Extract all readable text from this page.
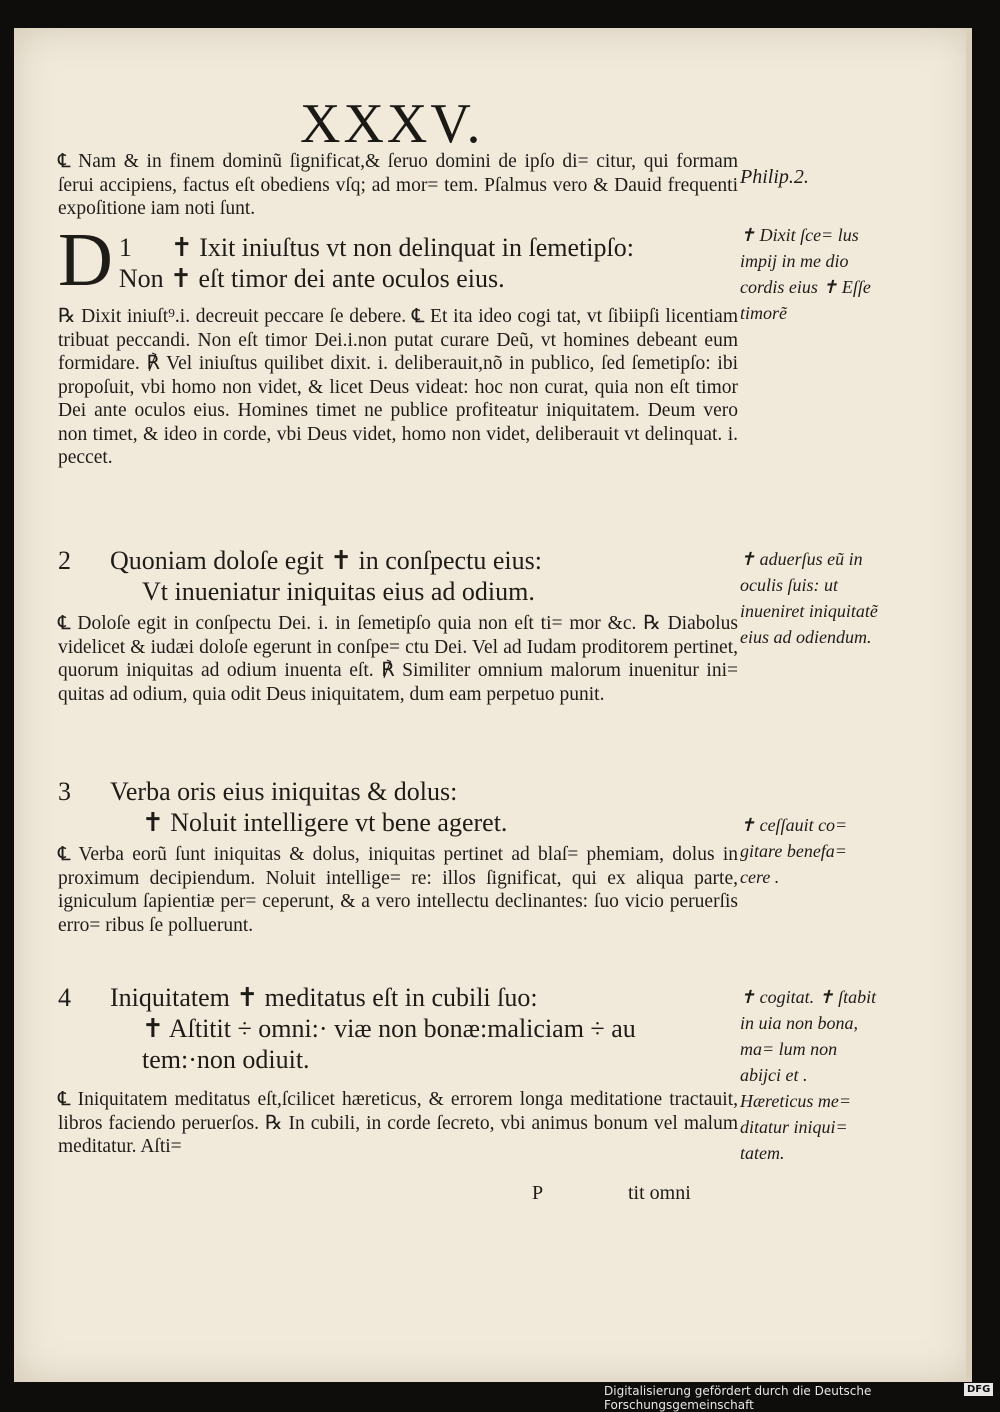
XXXV.
℄ Nam & in finem dominũ ſignificat,& ſeruo domini de ipſo di= citur, qui formam ſerui accipiens, factus eſt obediens vſq; ad mor= tem. Pſalmus vero & Dauid frequenti expoſitione iam noti ſunt.
1 ✝
D	Ixit iniuſtus vt non delinquat in ſemetipſo:
Non ✝ eſt timor dei ante oculos eius.
℞ Dixit iniuſt⁹.i. decreuit peccare ſe debere. ℄ Et ita ideo cogi tat, vt ſibiipſi licentiam tribuat peccandi. Non eſt timor Dei.i.non putat curare Deũ, vt homines debeant eum formidare. ℟ Vel iniuſtus quilibet dixit. i. deliberauit,nõ in publico, ſed ſemetipſo: ibi propoſuit, vbi homo non videt, & licet Deus videat: hoc non curat, quia non eſt timor Dei ante oculos eius. Homines timet ne publice profiteatur iniquitatem. Deum vero non timet, & ideo in corde, vbi Deus videt, homo non videt, deliberauit vt delinquat. i. peccet.
2 Quoniam doloſe egit ✝ in conſpectu eius:
Vt inueniatur iniquitas eius ad odium.
℄ Doloſe egit in conſpectu Dei. i. in ſemetipſo quia non eſt ti= mor &c. ℞ Diabolus videlicet & iudæi doloſe egerunt in conſpe= ctu Dei. Vel ad Iudam proditorem pertinet, quorum iniquitas ad odium inuenta eſt. ℟ Similiter omnium malorum inuenitur ini= quitas ad odium, quia odit Deus iniquitatem, dum eam perpetuo punit.
3 Verba oris eius iniquitas & dolus:
✝ Noluit intelligere vt bene ageret.
℄ Verba eorũ ſunt iniquitas & dolus, iniquitas pertinet ad blaſ= phemiam, dolus in proximum decipiendum. Noluit intellige= re: illos ſignificat, qui ex aliqua parte, igniculum ſapientiæ per= ceperunt, & a vero intellectu declinantes: ſuo vicio peruerſis erro= ribus ſe polluerunt.
4 Iniquitatem ✝ meditatus eſt in cubili ſuo:
✝ Aſtitit ÷ omni:· viæ non bonæ:maliciam ÷ au
tem:·non odiuit.
℄ Iniquitatem meditatus eſt,ſcilicet hæreticus, & errorem longa meditatione tractauit, libros faciendo peruerſos. ℞ In cubili, in corde ſecreto, vbi animus bonum vel malum meditatur. Aſti=
P	tit omni
Philip.2.
✝ Dixit ſce= lus impij in me dio cordis eius ✝ Eſſe timorẽ
✝ aduerſus eũ in oculis ſuis: ut inueniret iniquitatẽ eius ad odiendum.
✝ ceſſauit co= gitare benefa= cere .
✝ cogitat. ✝ ſtabit in uia non bona, ma= lum non abijci et . Hæreticus me= ditatur iniqui= tatem.
Digitalisierung gefördert durch die Deutsche Forschungsgemeinschaft
DFG
